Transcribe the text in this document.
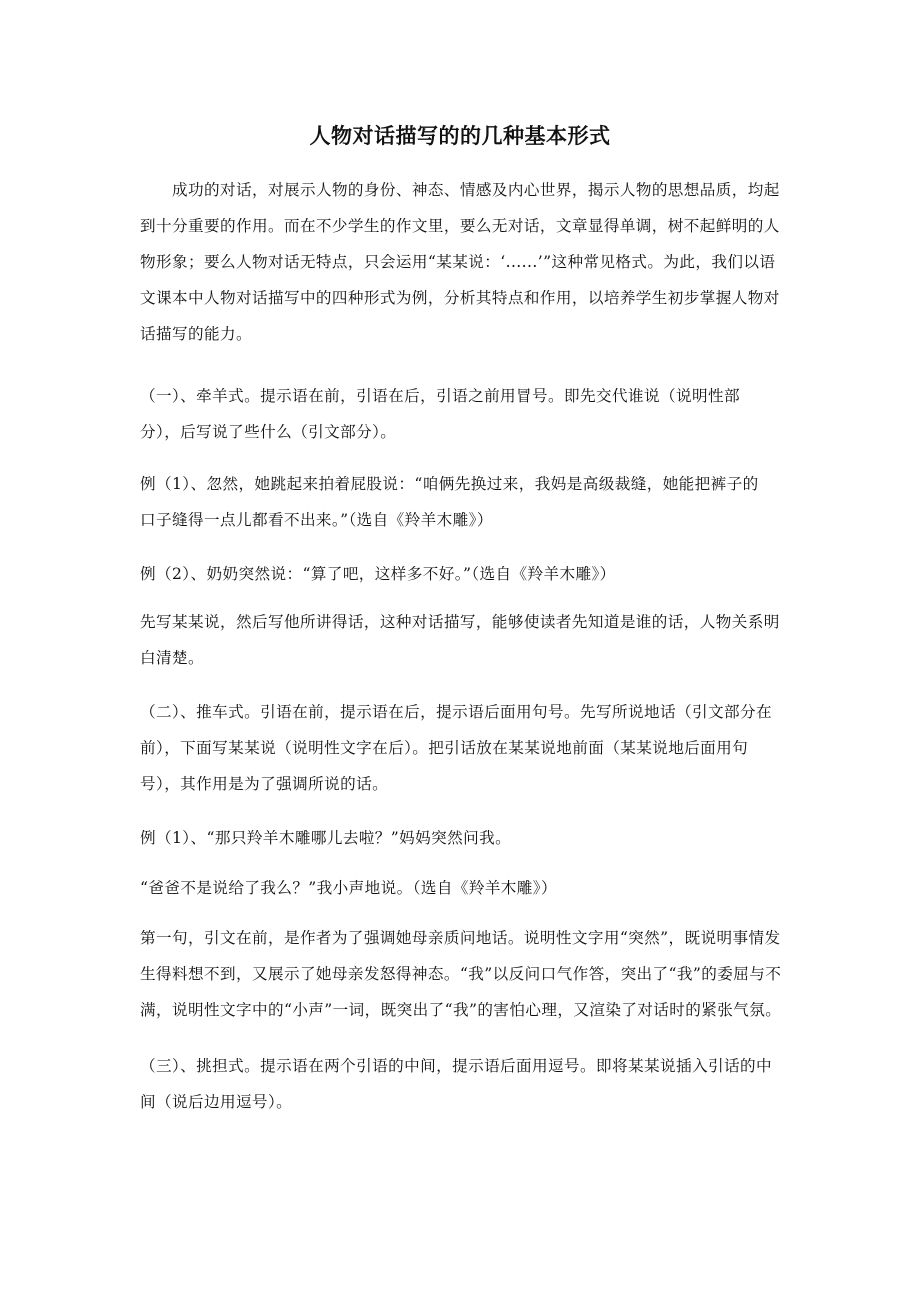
人物对话描写的的几种基本形式
成功的对话，对展示人物的身份、神态、情感及内心世界，揭示人物的思想品质，均起
到十分重要的作用。而在不少学生的作文里，要么无对话，文章显得单调，树不起鲜明的人
物形象；要么人物对话无特点，只会运用“某某说：‘......’”这种常见格式。为此，我们以语
文课本中人物对话描写中的四种形式为例，分析其特点和作用，以培养学生初步掌握人物对
话描写的能力。
（一）、牵羊式。提示语在前，引语在后，引语之前用冒号。即先交代谁说（说明性部
分），后写说了些什么（引文部分）。
例（1）、忽然，她跳起来拍着屁股说：“咱俩先换过来，我妈是高级裁缝，她能把裤子的
口子缝得一点儿都看不出来。”（选自《羚羊木雕》）
例（2）、奶奶突然说：“算了吧，这样多不好。”（选自《羚羊木雕》）
先写某某说，然后写他所讲得话，这种对话描写，能够使读者先知道是谁的话，人物关系明
白清楚。
（二）、推车式。引语在前，提示语在后，提示语后面用句号。先写所说地话（引文部分在
前），下面写某某说（说明性文字在后）。把引话放在某某说地前面（某某说地后面用句
号），其作用是为了强调所说的话。
例（1）、“那只羚羊木雕哪儿去啦？”妈妈突然问我。
“爸爸不是说给了我么？”我小声地说。（选自《羚羊木雕》）
第一句，引文在前，是作者为了强调她母亲质问地话。说明性文字用“突然”，既说明事情发
生得料想不到，又展示了她母亲发怒得神态。“我”以反问口气作答，突出了“我”的委屈与不
满，说明性文字中的“小声”一词，既突出了“我”的害怕心理，又渲染了对话时的紧张气氛。
（三）、挑担式。提示语在两个引语的中间，提示语后面用逗号。即将某某说插入引话的中
间（说后边用逗号）。
